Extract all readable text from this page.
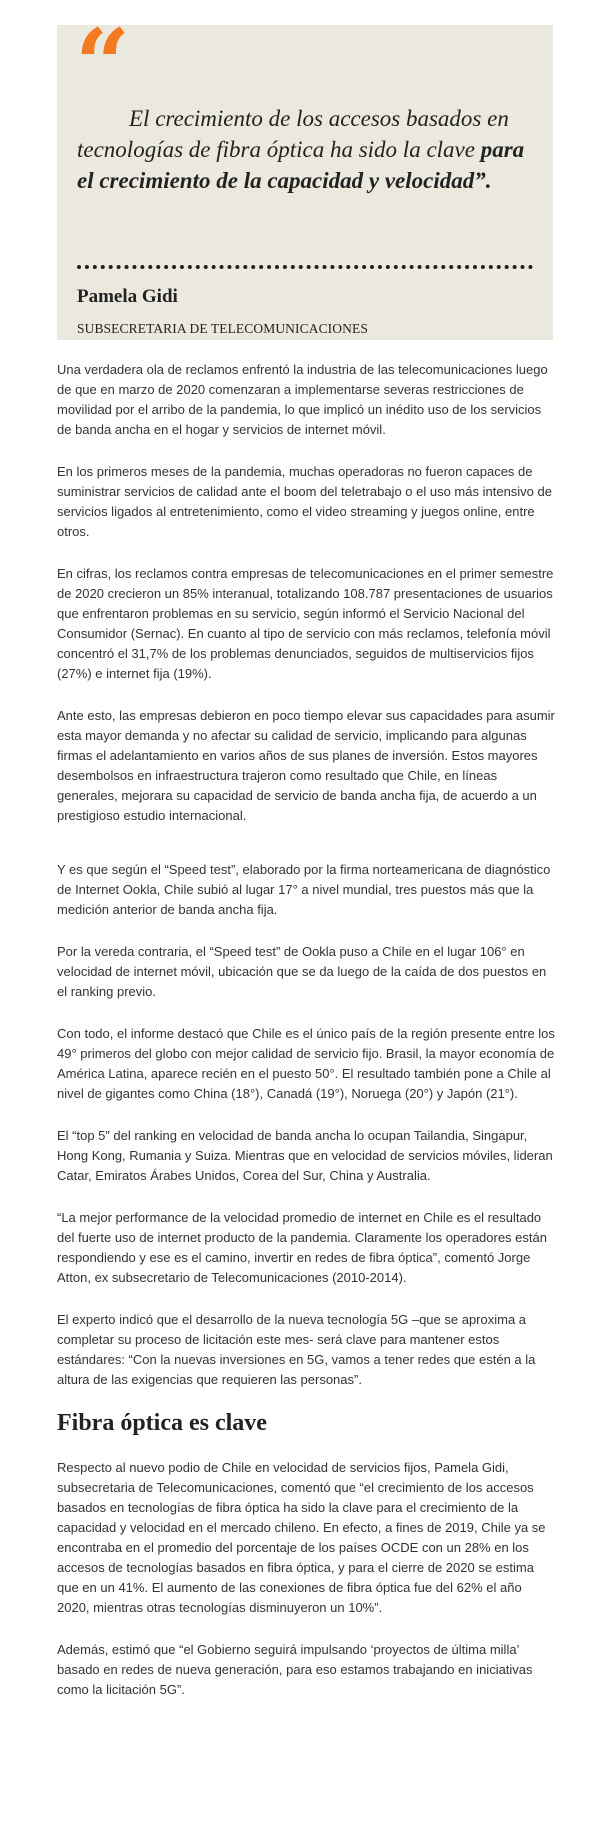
“

El crecimiento de los accesos basados en tecnologías de fibra óptica ha sido la clave para el crecimiento de la capacidad y velocidad”.

Pamela Gidi

SUBSECRETARIA DE TELECOMUNICACIONES

Una verdadera ola de reclamos enfrentó la industria de las telecomunicaciones luego de que en marzo de 2020 comenzaran a implementarse severas restricciones de movilidad por el arribo de la pandemia, lo que implicó un inédito uso de los servicios de banda ancha en el hogar y servicios de internet móvil.

En los primeros meses de la pandemia, muchas operadoras no fueron capaces de suministrar servicios de calidad ante el boom del teletrabajo o el uso más intensivo de servicios ligados al entretenimiento, como el video streaming y juegos online, entre otros.

En cifras, los reclamos contra empresas de telecomunicaciones en el primer semestre de 2020 crecieron un 85% interanual, totalizando 108.787 presentaciones de usuarios que enfrentaron problemas en su servicio, según informó el Servicio Nacional del Consumidor (Sernac). En cuanto al tipo de servicio con más reclamos, telefonía móvil concentró el 31,7% de los problemas denunciados, seguidos de multiservicios fijos (27%) e internet fija (19%).

Ante esto, las empresas debieron en poco tiempo elevar sus capacidades para asumir esta mayor demanda y no afectar su calidad de servicio, implicando para algunas firmas el adelantamiento en varios años de sus planes de inversión. Estos mayores desembolsos en infraestructura trajeron como resultado que Chile, en líneas generales, mejorara su capacidad de servicio de banda ancha fija, de acuerdo a un prestigioso estudio internacional.

Y es que según el “Speed test”, elaborado por la firma norteamericana de diagnóstico de Internet Ookla, Chile subió al lugar 17° a nivel mundial, tres puestos más que la medición anterior de banda ancha fija.

Por la vereda contraria, el “Speed test” de Ookla puso a Chile en el lugar 106° en velocidad de internet móvil, ubicación que se da luego de la caída de dos puestos en el ranking previo.

Con todo, el informe destacó que Chile es el único país de la región presente entre los 49° primeros del globo con mejor calidad de servicio fijo. Brasil, la mayor economía de América Latina, aparece recién en el puesto 50°. El resultado también pone a Chile al nivel de gigantes como China (18°), Canadá (19°), Noruega (20°) y Japón (21°).

El “top 5” del ranking en velocidad de banda ancha lo ocupan Tailandia, Singapur, Hong Kong, Rumania y Suiza. Mientras que en velocidad de servicios móviles, lideran Catar, Emiratos Árabes Unidos, Corea del Sur, China y Australia.

“La mejor performance de la velocidad promedio de internet en Chile es el resultado del fuerte uso de internet producto de la pandemia. Claramente los operadores están respondiendo y ese es el camino, invertir en redes de fibra óptica”, comentó Jorge Atton, ex subsecretario de Telecomunicaciones (2010-2014).

El experto indicó que el desarrollo de la nueva tecnología 5G –que se aproxima a completar su proceso de licitación este mes- será clave para mantener estos estándares: “Con la nuevas inversiones en 5G, vamos a tener redes que estén a la altura de las exigencias que requieren las personas”.

Fibra óptica es clave

Respecto al nuevo podio de Chile en velocidad de servicios fijos, Pamela Gidi, subsecretaria de Telecomunicaciones, comentó que “el crecimiento de los accesos basados en tecnologías de fibra óptica ha sido la clave para el crecimiento de la capacidad y velocidad en el mercado chileno. En efecto, a fines de 2019, Chile ya se encontraba en el promedio del porcentaje de los países OCDE con un 28% en los accesos de tecnologías basados en fibra óptica, y para el cierre de 2020 se estima que en un 41%. El aumento de las conexiones de fibra óptica fue del 62% el año 2020, mientras otras tecnologías disminuyeron un 10%”.

Además, estimó que “el Gobierno seguirá impulsando ‘proyectos de última milla’ basado en redes de nueva generación, para eso estamos trabajando en iniciativas como la licitación 5G”.
